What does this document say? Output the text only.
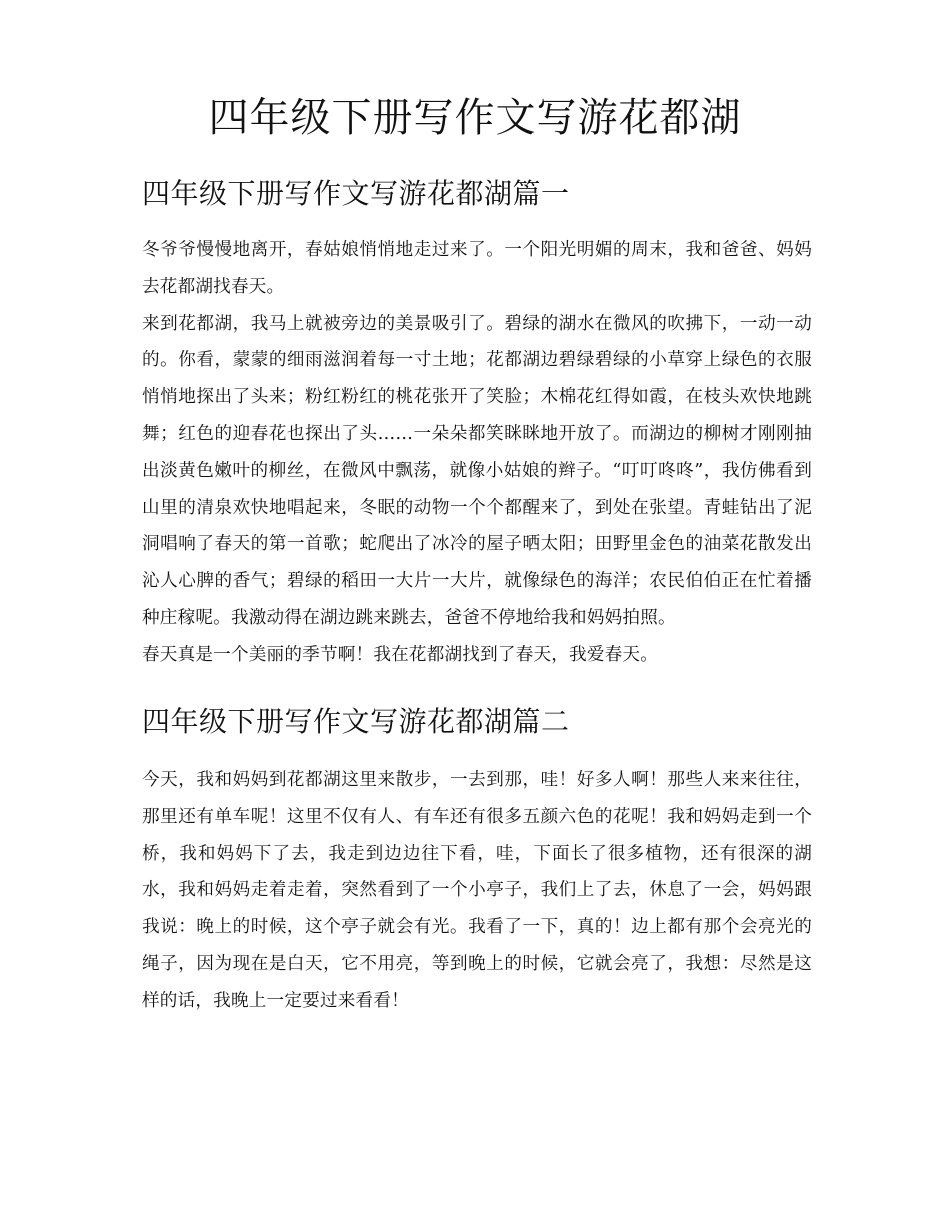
四年级下册写作文写游花都湖
四年级下册写作文写游花都湖篇一

冬爷爷慢慢地离开，春姑娘悄悄地走过来了。一个阳光明媚的周末，我和爸爸、妈妈去花都湖找春天。

来到花都湖，我马上就被旁边的美景吸引了。碧绿的湖水在微风的吹拂下，一动一动的。你看，蒙蒙的细雨滋润着每一寸土地；花都湖边碧绿碧绿的小草穿上绿色的衣服悄悄地探出了头来；粉红粉红的桃花张开了笑脸；木棉花红得如霞，在枝头欢快地跳舞；红色的迎春花也探出了头……一朵朵都笑眯眯地开放了。而湖边的柳树才刚刚抽出淡黄色嫩叶的柳丝，在微风中飘荡，就像小姑娘的辫子。“叮叮咚咚”，我仿佛看到山里的清泉欢快地唱起来，冬眠的动物一个个都醒来了，到处在张望。青蛙钻出了泥洞唱响了春天的第一首歌；蛇爬出了冰冷的屋子晒太阳；田野里金色的油菜花散发出沁人心脾的香气；碧绿的稻田一大片一大片，就像绿色的海洋；农民伯伯正在忙着播种庄稼呢。我激动得在湖边跳来跳去，爸爸不停地给我和妈妈拍照。

春天真是一个美丽的季节啊！我在花都湖找到了春天，我爱春天。

四年级下册写作文写游花都湖篇二

今天，我和妈妈到花都湖这里来散步，一去到那，哇！好多人啊！那些人来来往往，那里还有单车呢！这里不仅有人、有车还有很多五颜六色的花呢！我和妈妈走到一个桥，我和妈妈下了去，我走到边边往下看，哇，下面长了很多植物，还有很深的湖水，我和妈妈走着走着，突然看到了一个小亭子，我们上了去，休息了一会，妈妈跟我说：晚上的时候，这个亭子就会有光。我看了一下，真的！边上都有那个会亮光的绳子，因为现在是白天，它不用亮，等到晚上的时候，它就会亮了，我想：尽然是这样的话，我晚上一定要过来看看！
